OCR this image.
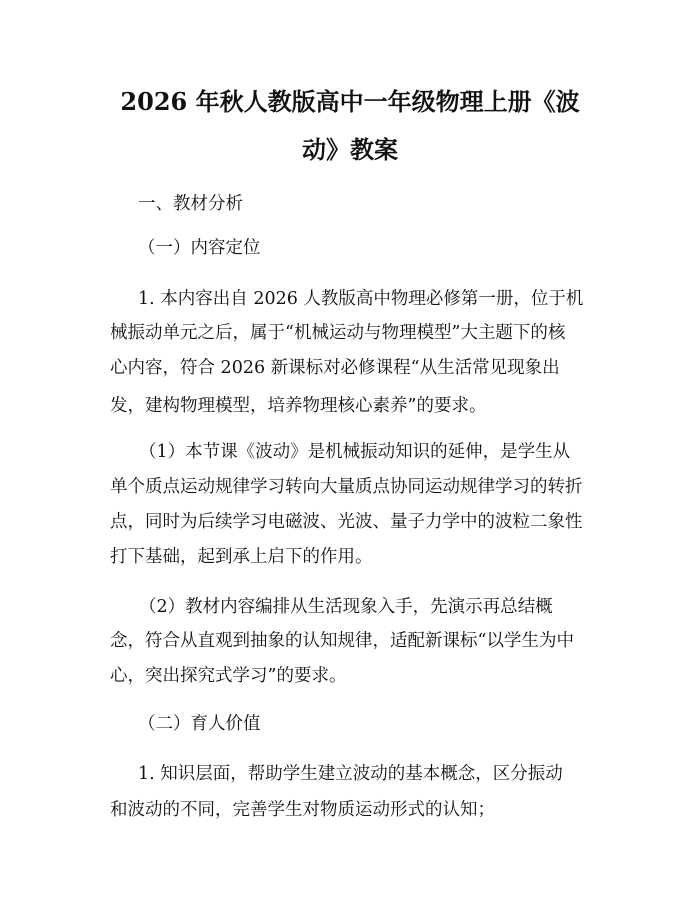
2026 年秋人教版高中一年级物理上册《波
动》教案

一、教材分析

（一）内容定位

1. 本内容出自 2026 人教版高中物理必修第一册，位于机

械振动单元之后，属于“机械运动与物理模型”大主题下的核

心内容，符合 2026 新课标对必修课程“从生活常见现象出

发，建构物理模型，培养物理核心素养”的要求。

（1）本节课《波动》是机械振动知识的延伸，是学生从

单个质点运动规律学习转向大量质点协同运动规律学习的转折

点，同时为后续学习电磁波、光波、量子力学中的波粒二象性

打下基础，起到承上启下的作用。

（2）教材内容编排从生活现象入手，先演示再总结概

念，符合从直观到抽象的认知规律，适配新课标“以学生为中

心，突出探究式学习”的要求。

（二）育人价值

1. 知识层面，帮助学生建立波动的基本概念，区分振动

和波动的不同，完善学生对物质运动形式的认知；
